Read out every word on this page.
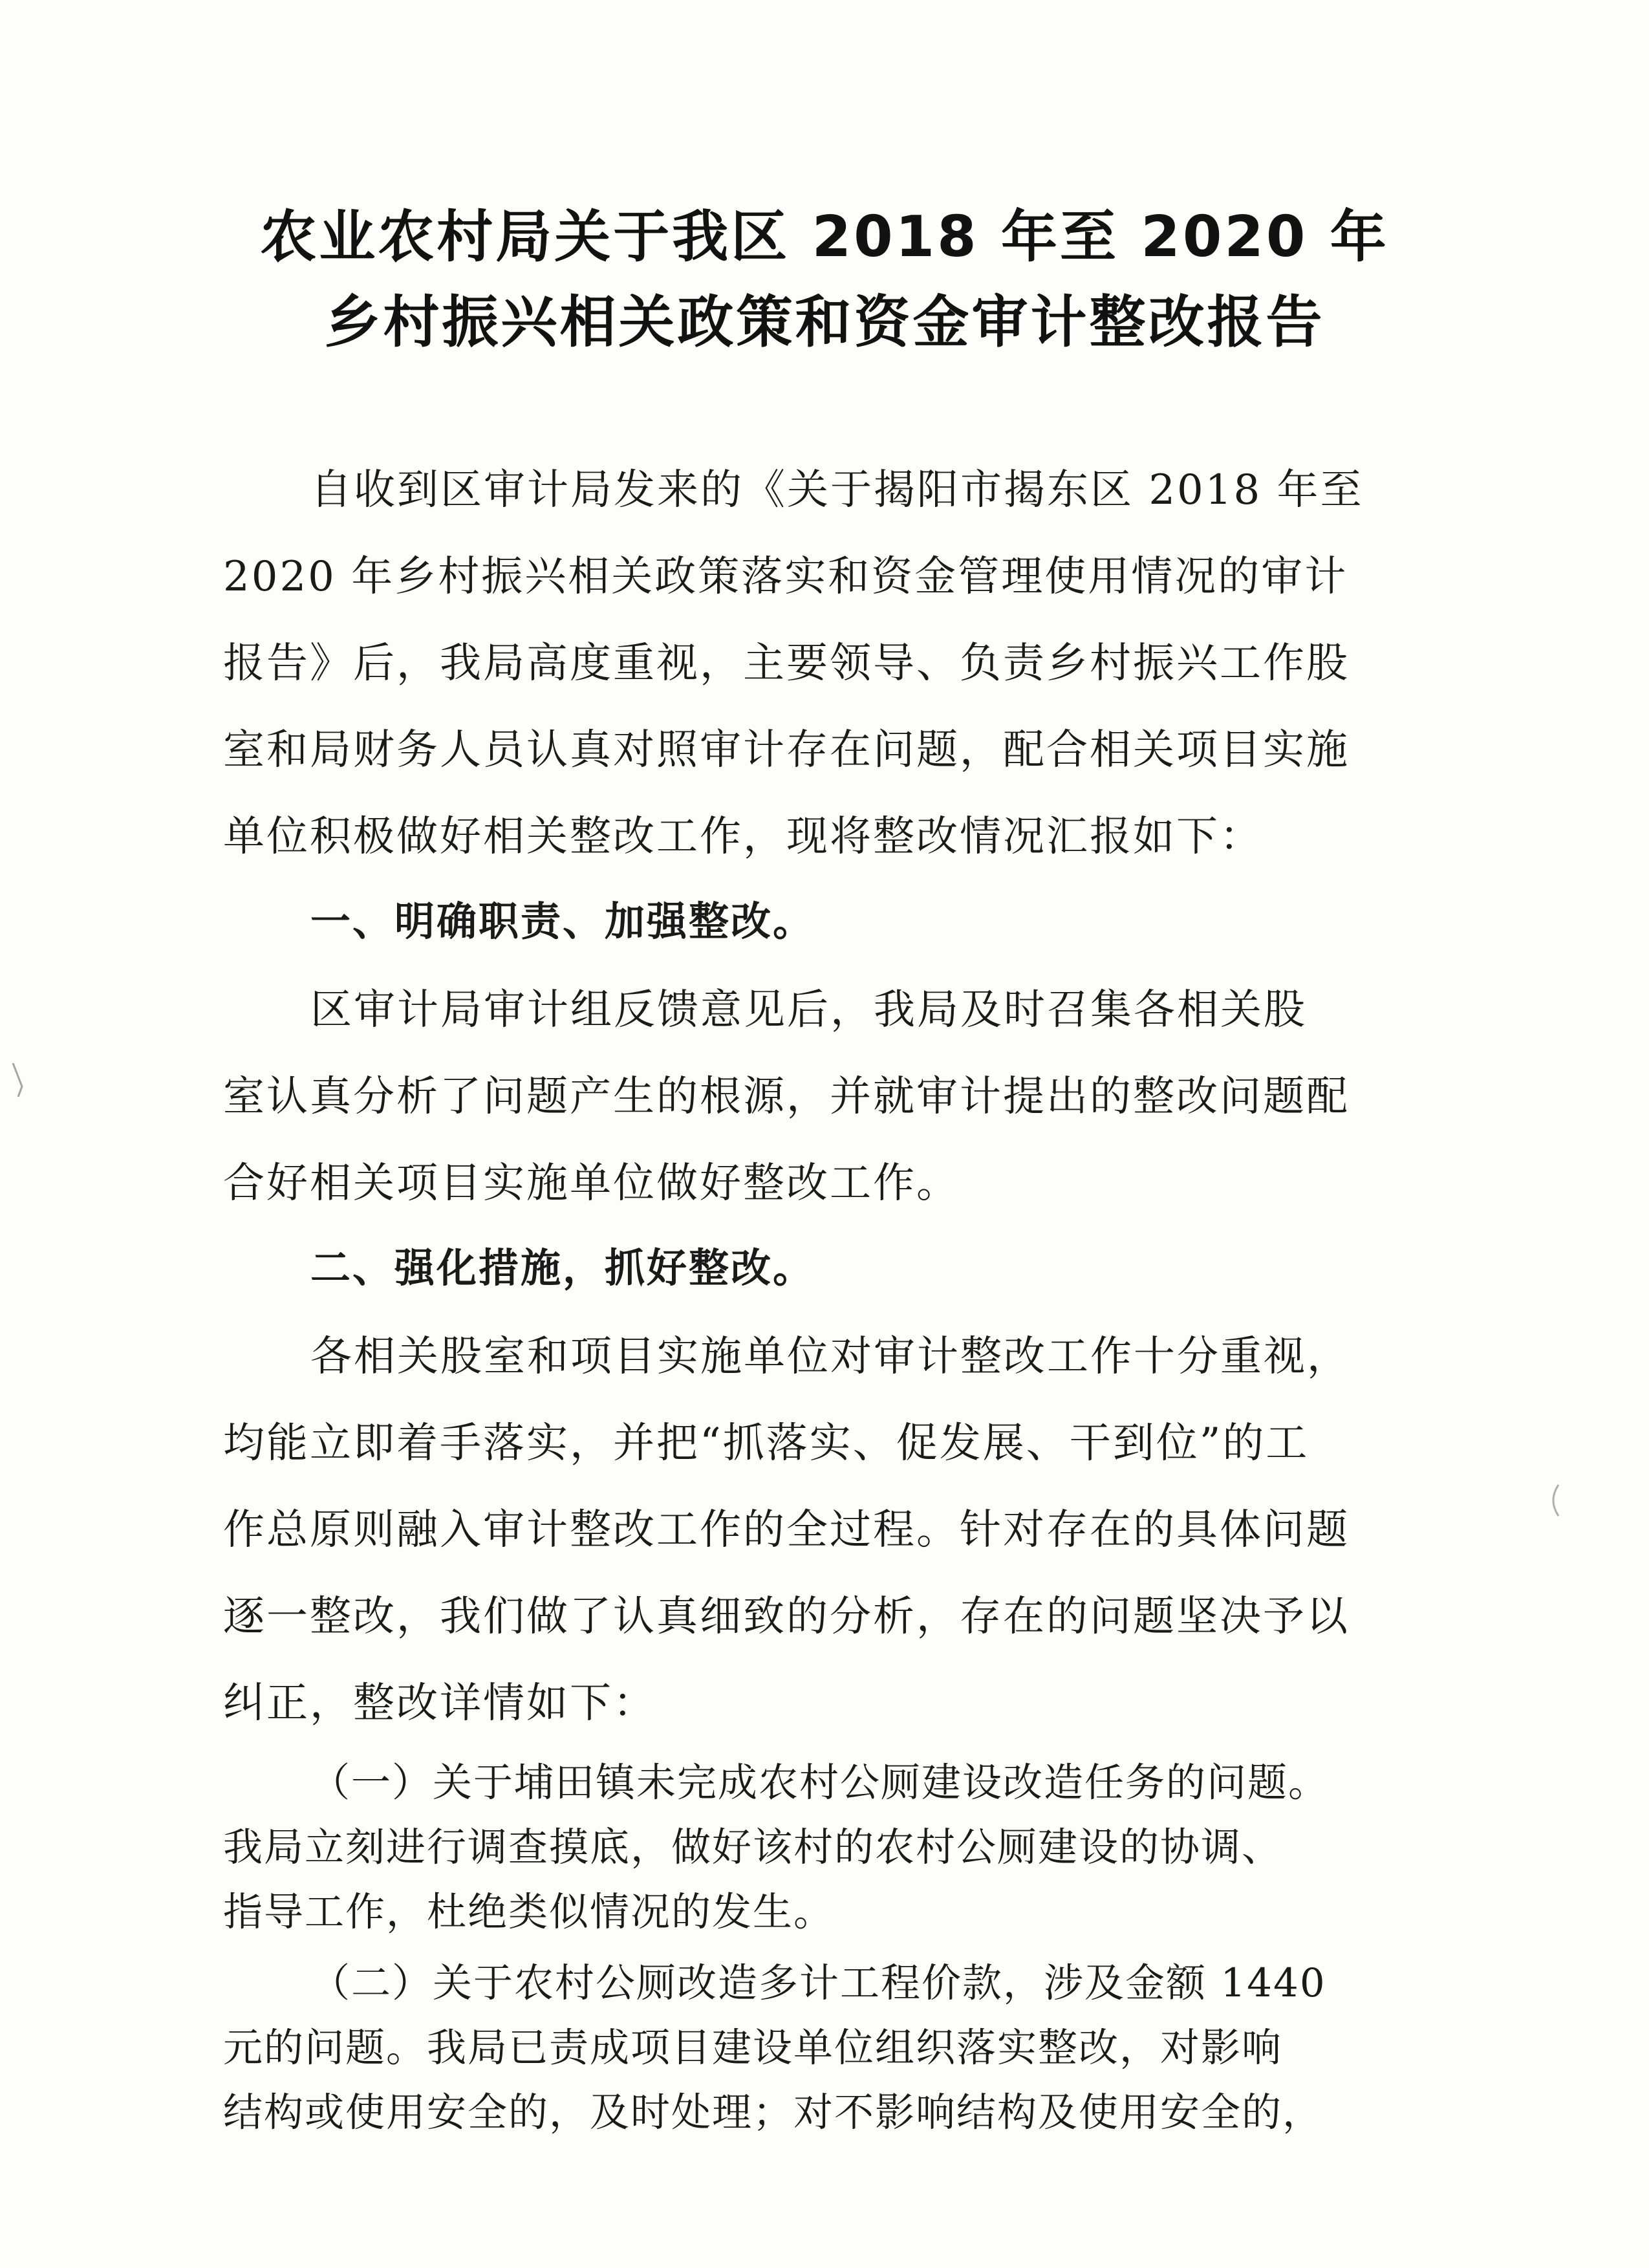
农业农村局关于我区 2018 年至 2020 年
乡村振兴相关政策和资金审计整改报告
自收到区审计局发来的《关于揭阳市揭东区 2018 年至
2020 年乡村振兴相关政策落实和资金管理使用情况的审计
报告》后，我局高度重视，主要领导、负责乡村振兴工作股
室和局财务人员认真对照审计存在问题，配合相关项目实施
单位积极做好相关整改工作，现将整改情况汇报如下：
一、明确职责、加强整改。
区审计局审计组反馈意见后，我局及时召集各相关股
室认真分析了问题产生的根源，并就审计提出的整改问题配
合好相关项目实施单位做好整改工作。
二、强化措施，抓好整改。
各相关股室和项目实施单位对审计整改工作十分重视，
均能立即着手落实，并把“抓落实、促发展、干到位”的工
作总原则融入审计整改工作的全过程。针对存在的具体问题
逐一整改，我们做了认真细致的分析，存在的问题坚决予以
纠正，整改详情如下：
（一）关于埔田镇未完成农村公厕建设改造任务的问题。
我局立刻进行调查摸底，做好该村的农村公厕建设的协调、
指导工作，杜绝类似情况的发生。
（二）关于农村公厕改造多计工程价款，涉及金额 1440
元的问题。我局已责成项目建设单位组织落实整改，对影响
结构或使用安全的，及时处理；对不影响结构及使用安全的，
